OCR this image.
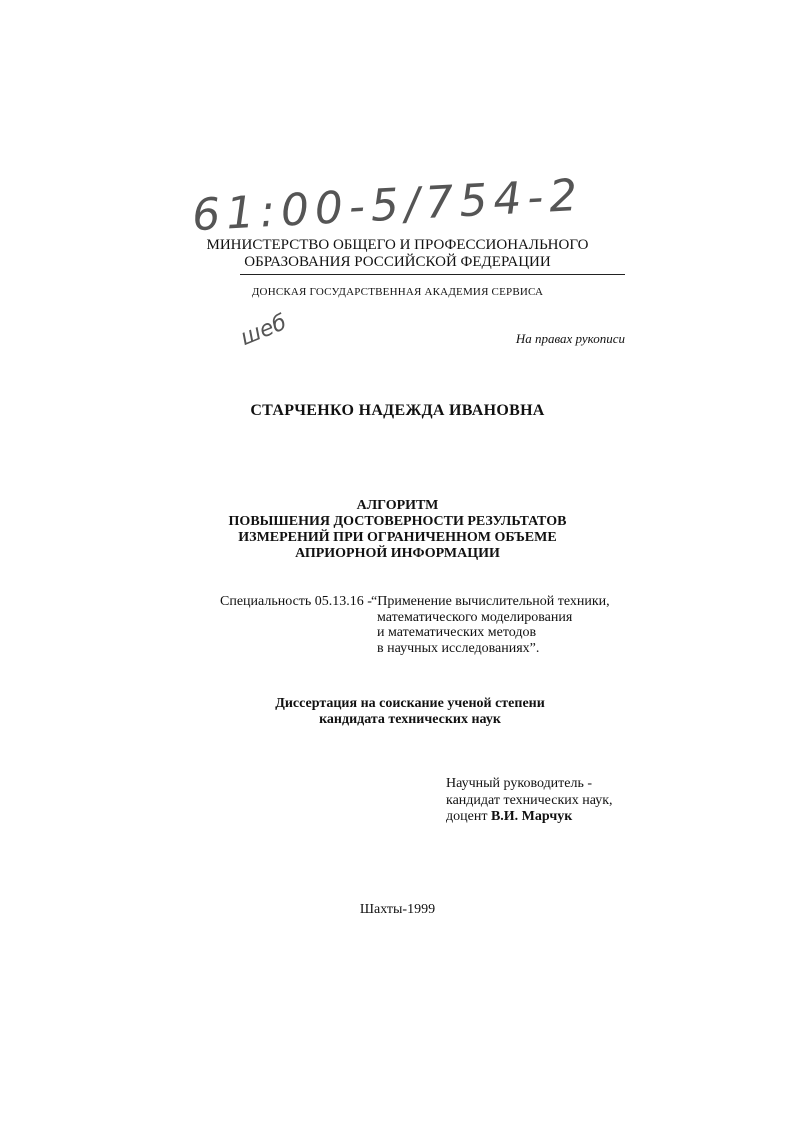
61:00-5/754-2
МИНИСТЕРСТВО ОБЩЕГО И ПРОФЕССИОНАЛЬНОГО
ОБРАЗОВАНИЯ РОССИЙСКОЙ ФЕДЕРАЦИИ
ДОНСКАЯ ГОСУДАРСТВЕННАЯ АКАДЕМИЯ СЕРВИСА
шеб	На правах рукописи
СТАРЧЕНКО НАДЕЖДА ИВАНОВНА
АЛГОРИТМ
ПОВЫШЕНИЯ ДОСТОВЕРНОСТИ РЕЗУЛЬТАТОВ
ИЗМЕРЕНИЙ ПРИ ОГРАНИЧЕННОМ ОБЪЕМЕ
АПРИОРНОЙ ИНФОРМАЦИИ
Специальность 05.13.16 - “Применение вычислительной техники,
математического моделирования
и математических методов
в научных исследованиях”.
Диссертация на соискание ученой степени
кандидата технических наук
Научный руководитель -
кандидат технических наук,
доцент В.И. Марчук
Шахты-1999
